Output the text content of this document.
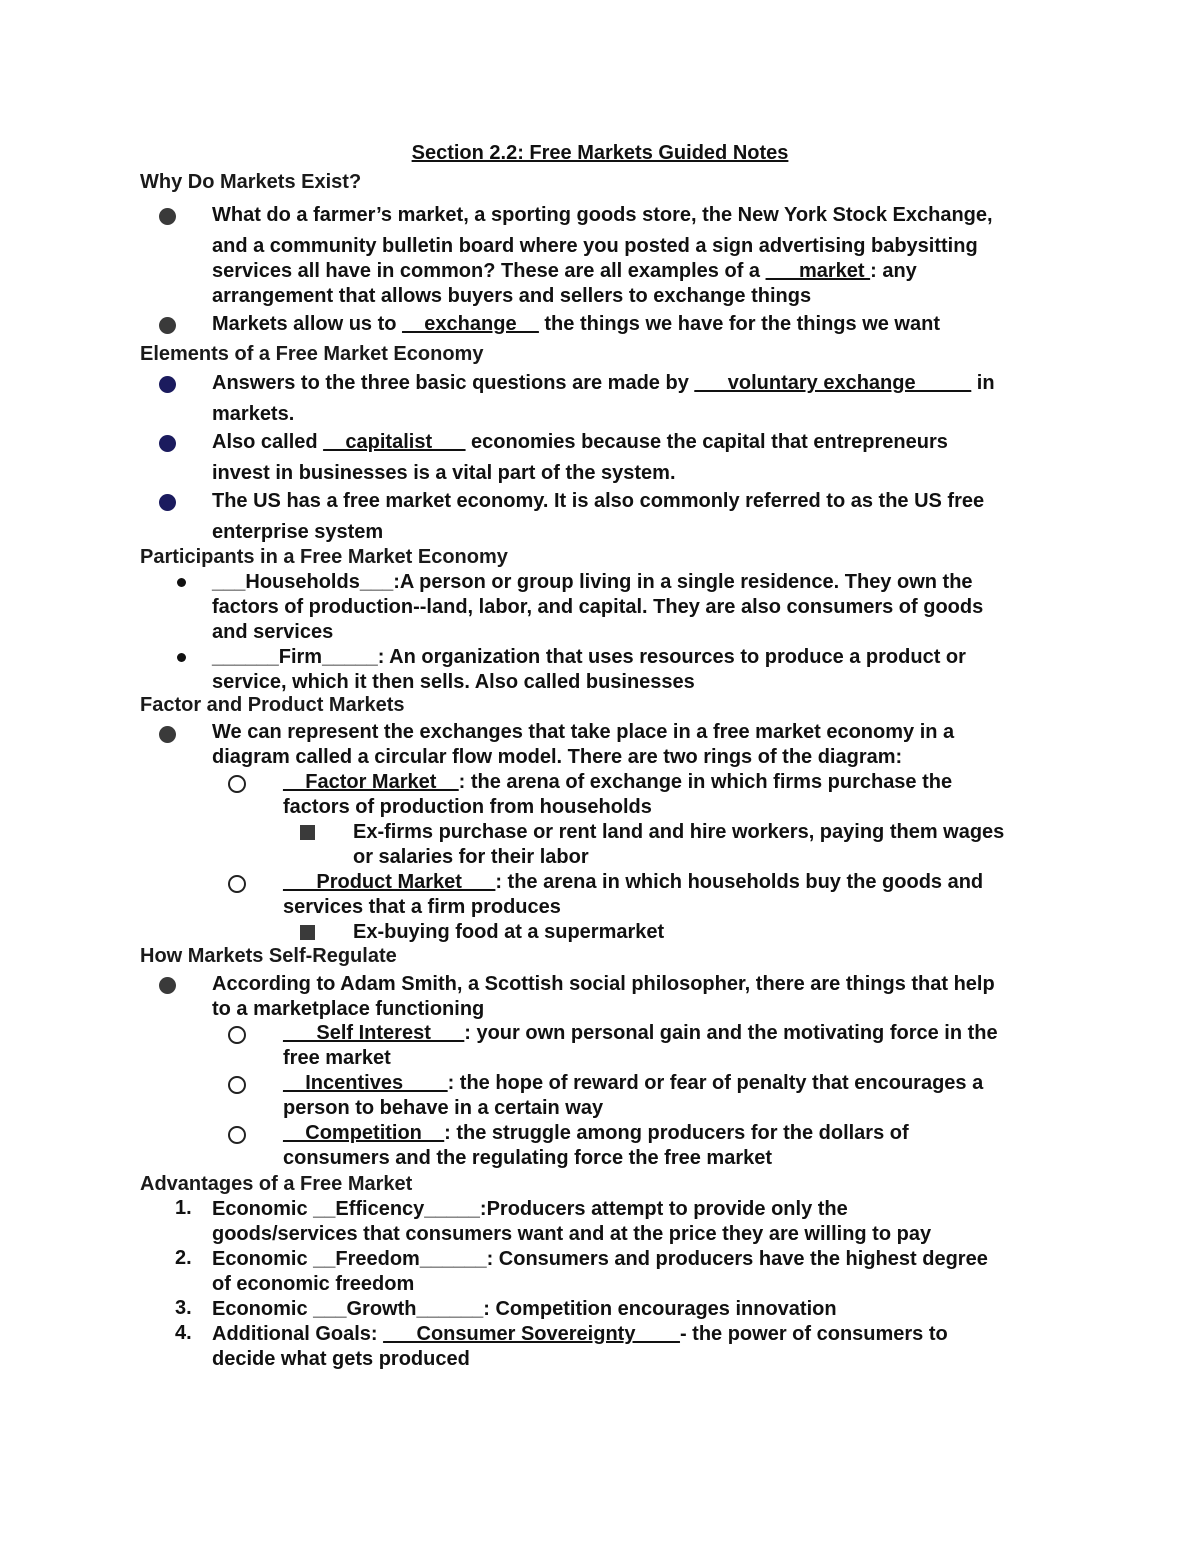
Section 2.2: Free Markets Guided Notes
Why Do Markets Exist?
What do a farmer’s market, a sporting goods store, the New York Stock Exchange,
and a community bulletin board where you posted a sign advertising babysitting
services all have in common? These are all examples of a ___market : any
arrangement that allows buyers and sellers to exchange things
Markets allow us to __exchange__ the things we have for the things we want
Elements of a Free Market Economy
Answers to the three basic questions are made by ___voluntary exchange_____ in
markets.
Also called __capitalist___ economies because the capital that entrepreneurs
invest in businesses is a vital part of the system.
The US has a free market economy. It is also commonly referred to as the US free
enterprise system
Participants in a Free Market Economy
___Households___:A person or group living in a single residence. They own the
factors of production--land, labor, and capital. They are also consumers of goods
and services
______Firm_____: An organization that uses resources to produce a product or
service, which it then sells. Also called businesses
Factor and Product Markets
We can represent the exchanges that take place in a free market economy in a
diagram called a circular flow model. There are two rings of the diagram:
__Factor Market__: the arena of exchange in which firms purchase the
factors of production from households
Ex-firms purchase or rent land and hire workers, paying them wages
or salaries for their labor
___Product Market___: the arena in which households buy the goods and
services that a firm produces
Ex-buying food at a supermarket
How Markets Self-Regulate
According to Adam Smith, a Scottish social philosopher, there are things that help
to a marketplace functioning
___Self Interest___: your own personal gain and the motivating force in the
free market
__Incentives____: the hope of reward or fear of penalty that encourages a
person to behave in a certain way
__Competition__: the struggle among producers for the dollars of
consumers and the regulating force the free market
Advantages of a Free Market
1. Economic __Efficency_____:Producers attempt to provide only the
goods/services that consumers want and at the price they are willing to pay
2. Economic __Freedom______: Consumers and producers have the highest degree
of economic freedom
3. Economic ___Growth______: Competition encourages innovation
4. Additional Goals: ___Consumer Sovereignty____- the power of consumers to
decide what gets produced
